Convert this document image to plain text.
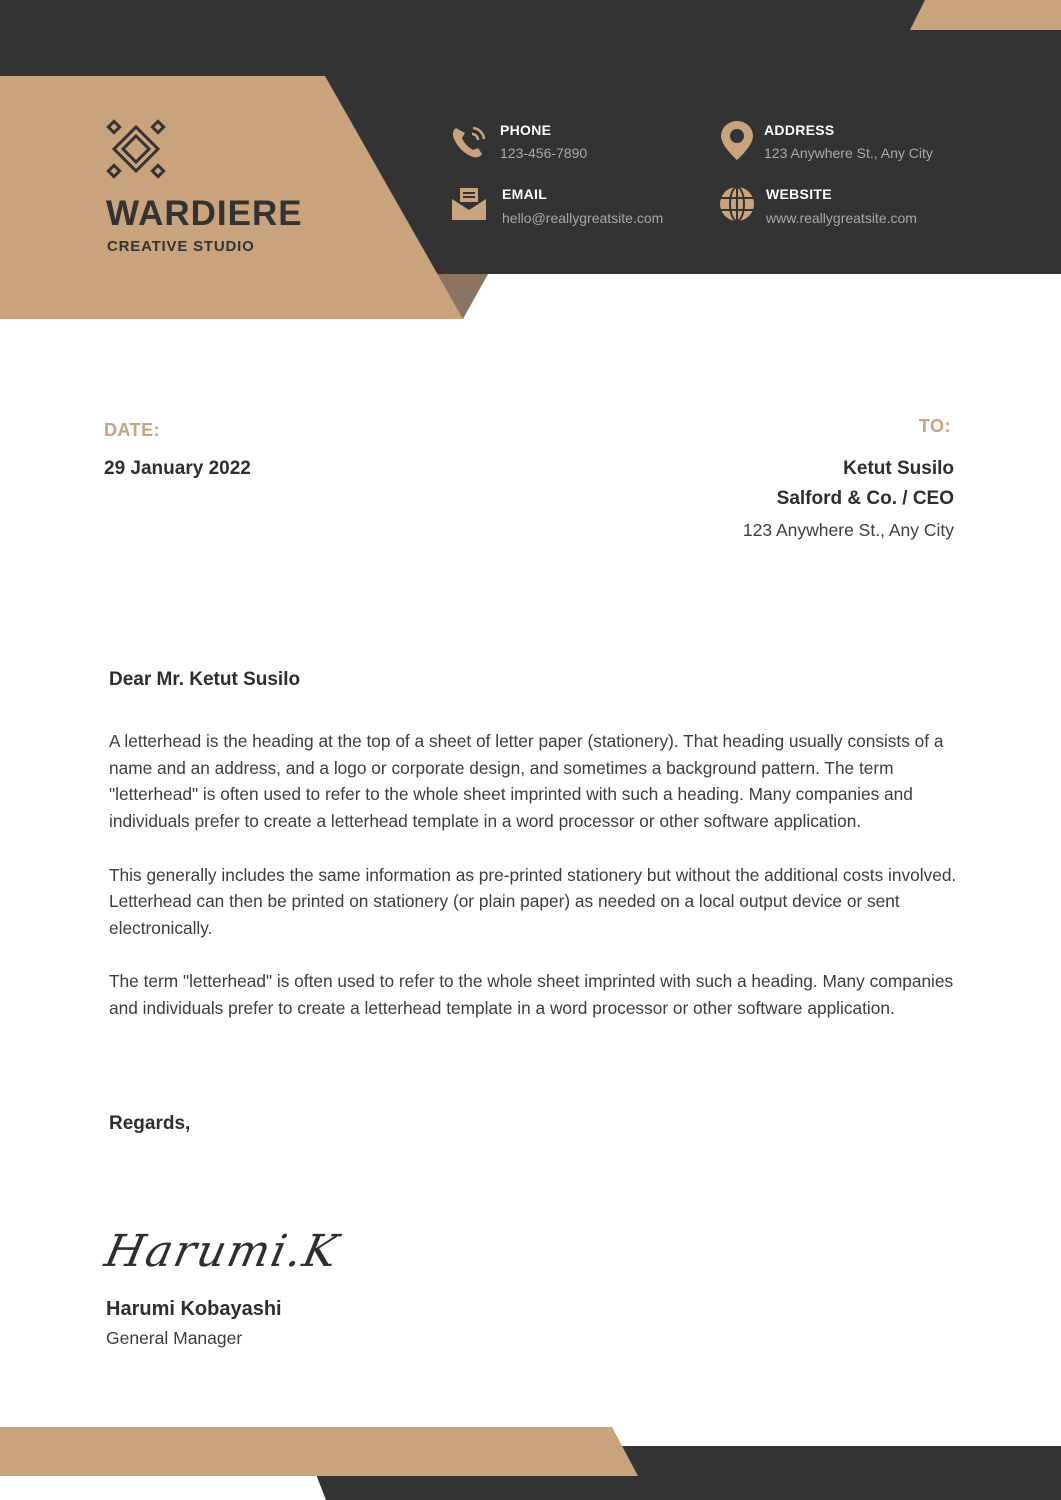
WARDIERE
CREATIVE STUDIO
PHONE
123-456-7890
ADDRESS
123 Anywhere St., Any City
EMAIL
hello@reallygreatsite.com
WEBSITE
www.reallygreatsite.com
DATE:
29 January 2022
TO:
Ketut Susilo
Salford & Co. / CEO
123 Anywhere St., Any City
Dear Mr. Ketut Susilo

A letterhead is the heading at the top of a sheet of letter paper (stationery). That heading usually consists of a name and an address, and a logo or corporate design, and sometimes a background pattern. The term "letterhead" is often used to refer to the whole sheet imprinted with such a heading. Many companies and individuals prefer to create a letterhead template in a word processor or other software application.

This generally includes the same information as pre-printed stationery but without the additional costs involved. Letterhead can then be printed on stationery (or plain paper) as needed on a local output device or sent electronically.

The term "letterhead" is often used to refer to the whole sheet imprinted with such a heading. Many companies and individuals prefer to create a letterhead template in a word processor or other software application.

Regards,
Harumi.K
Harumi Kobayashi
General Manager
